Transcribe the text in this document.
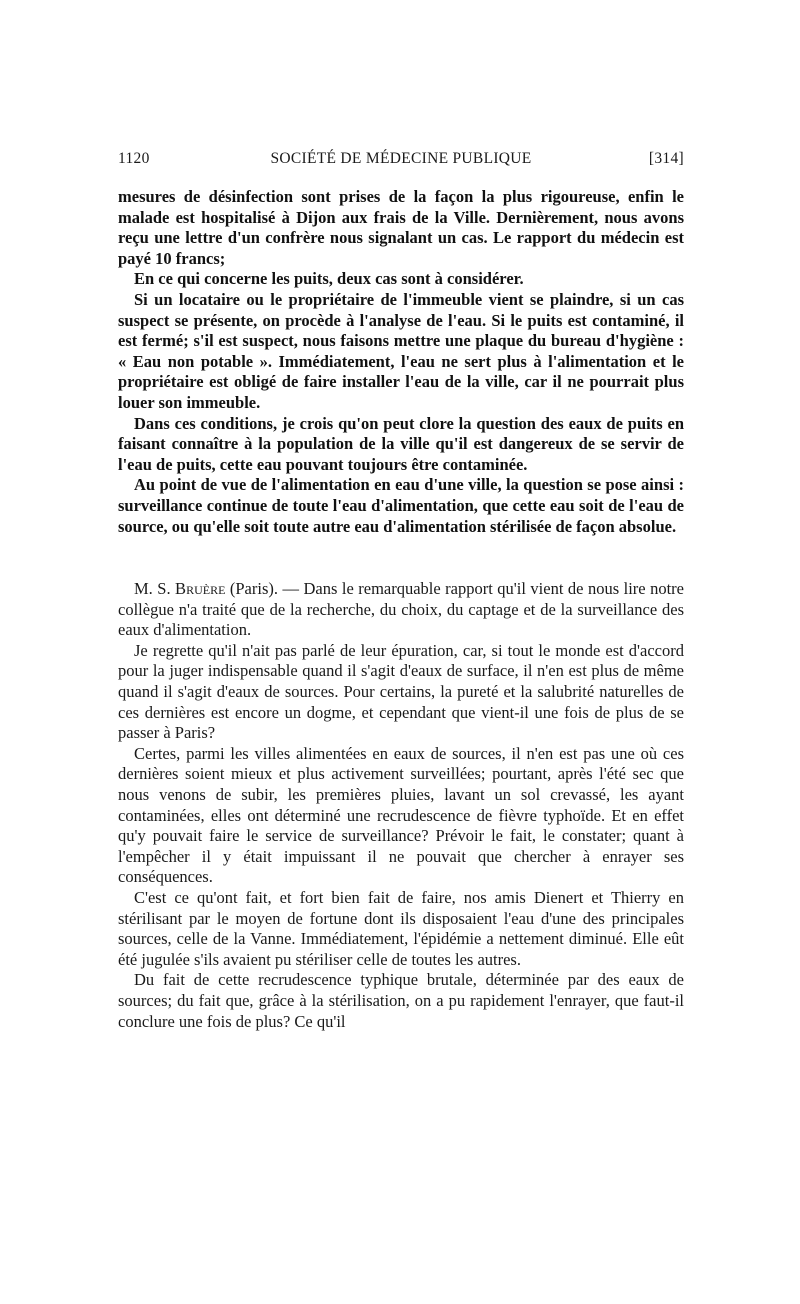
1120	SOCIÉTÉ DE MÉDECINE PUBLIQUE	[314]

mesures de désinfection sont prises de la façon la plus rigoureuse, enfin le malade est hospitalisé à Dijon aux frais de la Ville. Dernièrement, nous avons reçu une lettre d'un confrère nous signalant un cas. Le rapport du médecin est payé 10 francs;

En ce qui concerne les puits, deux cas sont à considérer.

Si un locataire ou le propriétaire de l'immeuble vient se plaindre, si un cas suspect se présente, on procède à l'analyse de l'eau. Si le puits est contaminé, il est fermé; s'il est suspect, nous faisons mettre une plaque du bureau d'hygiène : « Eau non potable ». Immédiatement, l'eau ne sert plus à l'alimentation et le propriétaire est obligé de faire installer l'eau de la ville, car il ne pourrait plus louer son immeuble.

Dans ces conditions, je crois qu'on peut clore la question des eaux de puits en faisant connaître à la population de la ville qu'il est dangereux de se servir de l'eau de puits, cette eau pouvant toujours être contaminée.

Au point de vue de l'alimentation en eau d'une ville, la question se pose ainsi : surveillance continue de toute l'eau d'alimentation, que cette eau soit de l'eau de source, ou qu'elle soit toute autre eau d'alimentation stérilisée de façon absolue.

M. S. Bruère (Paris). — Dans le remarquable rapport qu'il vient de nous lire notre collègue n'a traité que de la recherche, du choix, du captage et de la surveillance des eaux d'alimentation.

Je regrette qu'il n'ait pas parlé de leur épuration, car, si tout le monde est d'accord pour la juger indispensable quand il s'agit d'eaux de surface, il n'en est plus de même quand il s'agit d'eaux de sources. Pour certains, la pureté et la salubrité naturelles de ces dernières est encore un dogme, et cependant que vient-il une fois de plus de se passer à Paris?

Certes, parmi les villes alimentées en eaux de sources, il n'en est pas une où ces dernières soient mieux et plus activement surveillées; pourtant, après l'été sec que nous venons de subir, les premières pluies, lavant un sol crevassé, les ayant contaminées, elles ont déterminé une recrudescence de fièvre typhoïde. Et en effet qu'y pouvait faire le service de surveillance? Prévoir le fait, le constater; quant à l'empêcher il y était impuissant il ne pouvait que chercher à enrayer ses conséquences.

C'est ce qu'ont fait, et fort bien fait de faire, nos amis Dienert et Thierry en stérilisant par le moyen de fortune dont ils disposaient l'eau d'une des principales sources, celle de la Vanne. Immédiatement, l'épidémie a nettement diminué. Elle eût été jugulée s'ils avaient pu stériliser celle de toutes les autres.

Du fait de cette recrudescence typhique brutale, déterminée par des eaux de sources; du fait que, grâce à la stérilisation, on a pu rapidement l'enrayer, que faut-il conclure une fois de plus? Ce qu'il
